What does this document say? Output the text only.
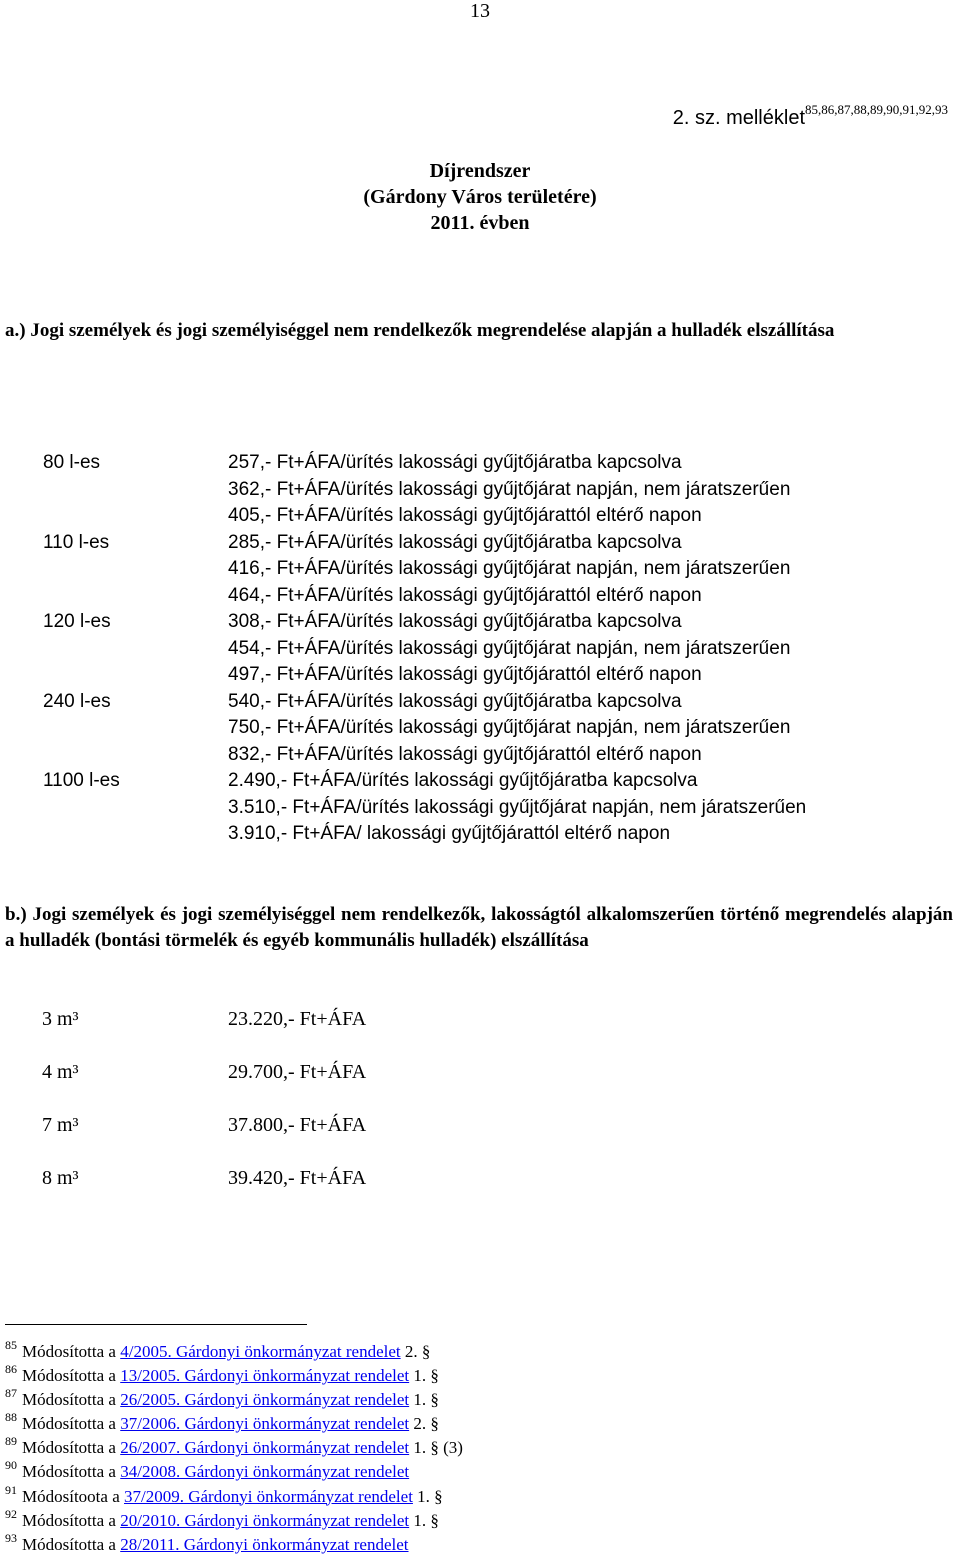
13
2. sz. melléklet$^{85,86,87,88,89,90,91,92,93}$
Díjrendszer
(Gárdony Város területére)
2011. évben
a.) Jogi személyek és jogi személyiséggel nem rendelkezők megrendelése alapján a hulladék elszállítása
80 l-es	257,- Ft+ÁFA/ürítés lakossági gyűjtőjáratba kapcsolva
362,- Ft+ÁFA/ürítés lakossági gyűjtőjárat napján, nem járatszerűen
405,- Ft+ÁFA/ürítés lakossági gyűjtőjárattól eltérő napon
110 l-es	285,- Ft+ÁFA/ürítés lakossági gyűjtőjáratba kapcsolva
416,- Ft+ÁFA/ürítés lakossági gyűjtőjárat napján, nem járatszerűen
464,- Ft+ÁFA/ürítés lakossági gyűjtőjárattól eltérő napon
120 l-es	308,- Ft+ÁFA/ürítés lakossági gyűjtőjáratba kapcsolva
454,- Ft+ÁFA/ürítés lakossági gyűjtőjárat napján, nem járatszerűen
497,- Ft+ÁFA/ürítés lakossági gyűjtőjárattól eltérő napon
240 l-es	540,- Ft+ÁFA/ürítés lakossági gyűjtőjáratba kapcsolva
750,- Ft+ÁFA/ürítés lakossági gyűjtőjárat napján, nem járatszerűen
832,- Ft+ÁFA/ürítés lakossági gyűjtőjárattól eltérő napon
1100 l-es	2.490,- Ft+ÁFA/ürítés lakossági gyűjtőjáratba kapcsolva
3.510,- Ft+ÁFA/ürítés lakossági gyűjtőjárat napján, nem járatszerűen
3.910,- Ft+ÁFA/ lakossági gyűjtőjárattól eltérő napon
b.) Jogi személyek és jogi személyiséggel nem rendelkezők, lakosságtól alkalomszerűen történő megrendelés alapján a hulladék (bontási törmelék és egyéb kommunális hulladék) elszállítása
3 m³	23.220,- Ft+ÁFA
4 m³	29.700,- Ft+ÁFA
7 m³	37.800,- Ft+ÁFA
8 m³	39.420,- Ft+ÁFA
$^{85}$ Módosította a 4/2005. Gárdonyi önkormányzat rendelet 2. §
$^{86}$ Módosította a 13/2005. Gárdonyi önkormányzat rendelet 1. §
$^{87}$ Módosította a 26/2005. Gárdonyi önkormányzat rendelet 1. §
$^{88}$ Módosította a 37/2006. Gárdonyi önkormányzat rendelet 2. §
$^{89}$ Módosította a 26/2007. Gárdonyi önkormányzat rendelet 1. § (3)
$^{90}$ Módosította a 34/2008. Gárdonyi önkormányzat rendelet
$^{91}$ Módosítoota a 37/2009. Gárdonyi önkormányzat rendelet 1. §
$^{92}$ Módosította a 20/2010. Gárdonyi önkormányzat rendelet 1. §
$^{93}$ Módosította a 28/2011. Gárdonyi önkormányzat rendelet
